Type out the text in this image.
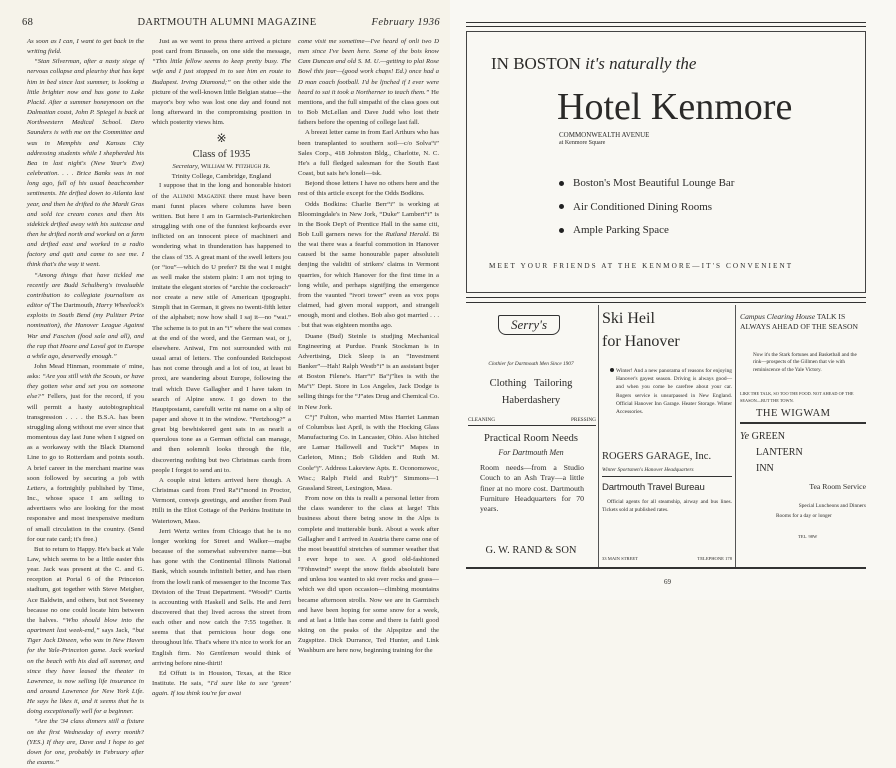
68	DARTMOUTH ALUMNI MAGAZINE	February 1936

As soon as I can, I want to get back in the writing field.

“Stan Silverman, after a nasty siege of nervous collapse and pleurisy that has kept him in bed since last summer, is looking a little brighter now and has gone to Lake Placid. After a summer honeymoon on the Dalmatian coast, John P. Spiegel is back at Northwestern Medical School. Dero Saunders is with me on the Committee and was in Memphis and Kansas City addressing students while I shepherded his Bea in last night's (New Year's Eve) celebration. . . . Brice Banks was in not long ago, full of his usual beachcomber sentiments. He drifted down to Atlanta last year, and then he drifted to the Mardi Gras and sold ice cream cones and then his sidekick drifted away with his suitcase and then he drifted north and worked on a farm and drifted east and worked in a radio factory and quit and came to see me. I think that's the way it went.

“Among things that have tickled me recently are Budd Schulberg's invaluable contribution to collegiate journalism as editor of The Dartmouth, Harry Wheelock's exploits in South Bend (my Pulitzer Prize nomination), the Hanover League Against War and Fascism (food sale and all), and the rap that Hoare and Laval got in Europe a while ago, deservedly enough.”

John Mead Hinman, roommate o' mine, asks: “Are you still with the Scouts, or have they gotten wise and set you on someone else?” Fellers, just for the record, if you will permit a hasty autobiographical transgression . . . . the B.S.A. has been struggling along without me ever since that momentous day last June when I signed on as a workaway with the Black Diamond Line to go to Rotterdam and points south. A brief career in the merchant marine was soon followed by securing a job with Letters, a fortnightly published by Time, Inc., whose space I am selling to advertisers who are looking for the most responsive and most inexpensive medium of small circulation in the country. (Send for our rate card; it's free.)

But to return to Happy. He's back at Yale Law, which seems to be a little easier this year. Jack was present at the C. and G. reception at Portal 6 of the Princeton stadium, got together with Steve Meigher, Ace Baldwin, and others, but not Sweeney because no one could locate him between the halves. “Who should blow into the apartment last week-end,” says Jack, “but Tiger Jack Dineen, who was in New Haven for the Yale-Princeton game. Jack worked on the beach with his dad all summer, and since they have leased the theater in Lawrence, is now selling life insurance in and around Lawrence for New York Life. He says he likes it, and it seems that he is doing exceptionally well for a beginner.

“Are the '34 class dinners still a fixture on the first Wednesday of every month? (YES.) If they are, Dave and I hope to get down for one, probably in February after the exams.”

Just as we went to press there arrived a picture post card from Brussels, on one side the message, “This little fellow seems to keep pretty busy. The wife and I just stopped in to see him en route to Budapest. Irving Diamond;” on the other side the picture of the well-known little Belgian statue—the mayor's boy who was lost one day and found not long afterward in the compromising position in which posterity views him.

※
Class of 1935
Secretary, William W. Fitzhugh Jr.
Trinity College, Cambridge, England

I suppose that in the long and honorable histori of the Alumni Magazine there must have been mani funni places where columns have been written. But here I am in Garmisch-Partenkirchen struggling with one of the funniest kejboards ever inflicted on an innocent piece of machineri and wondering what in thunderation has happened to the class of '35. A great mani of the swell letters jou (or “iou”—which do U prefer? Bi the wai I might as well make the sistem plain: I am not trjing to imitate the elegant stories of “archie the cockroach” nor create a new stile of American tjpographi. Simpli that in German, it gives no twenti-fifth letter of the alphabet; now how shall I saj it—no “wai.” The scheme is to put in an “i” where the wai comes at the end of the word, and the German wai, or j, elsewhere. Aniwai, I'm not surrounded with mi usual arrai of letters. The confounded Reichspost has not come through and a lot of iou, at least bi proxi, are wandering about Europe, following the trail which Dave Gallagher and I have taken in search of Alpine snow. I go down to the Hauptpostamt, carefulli write mi name on a slip of paper and shove it in the window. “Fertzhoog?” a great big bewhiskered gent sais in as nearli a querulous tone as a German official can manage, and then solemnli looks through the file, discovering nothing but two Christmas cards from people I forgot to send ani to.

A couple strai letters arrived here though. A Christmas card from Fred Ra“i”mond in Proctor, Vermont, convejs greetings, and another from Paul Hilli in the Eliot Cottage of the Perkins Institute in Watertown, Mass.

Jerri Wertz writes from Chicago that he is no longer working for Street and Walker—majbe because of the somewhat subversive name—but has gone with the Continental Illinois National Bank, which sounds infiniteli better, and has risen from the lowli rank of messenger to the Income Tax Division of the Trust Department. “Woodi” Curtis is accounting with Haskell and Sells. He and Jerri discovered that thej lived across the street from each other and now catch the 7:55 together. It seems that that pernicious hour dogs one throughout life. That's where it's nice to work for an English firm. No Gentleman would think of arriving before nine-thirti!

Ed Offutt is in Houston, Texas, at the Rice Institute. He sais, “I'd sure like to see ‘green’ again. If iou think iou're far awai

come visit me sometime—I've heard of onli two D men since I've been here. Some of the bois know Cam Duncan and old S. M. U.—getting to plai Rose Bowl this jear—(good work chaps! Ed.) once had a D man coach football. I'd be ljnched if I ever were heard to sai it took a Northerner to teach them.” He mentions, and the full simpathi of the class goes out to Bob McLellan and Dave Judd who lost their fathers before the opening of college last fall.

A breezi letter came in from Earl Arthurs who has been transplanted to southern soil—c/o Solva“i” Sales Corp., 418 Johnston Bldg., Charlotte, N. C. He's a full fledged salesman for the South East Coast, but sais he's loneli—tsk.

Bejond those letters I have no others here and the rest of this article except for the Odds Bodkins.

Odds Bodkins: Charlie Berr“i” is working at Bloomingdale's in New Jork, “Duke” Lambert“i” is in the Book Dep't of Prentice Hall in the same citi, Bob Lull garners news for the Rutland Herald. Bi the wai there was a fearful commotion in Hanover caused bi the same honourable paper absoluteli denjing the validiti of strikers' claims in Vermont quarries, for which Hanover for the first time in a long while, and perhaps signifjing the emergence from the vaunted “ivori tower” even as vox pops claimed, had given moral support, and strangeli enough, moni and clothes. Bob also got married . . . . but that was eighteen months ago.

Duane (Bud) Steinle is studjing Mechanical Engineering at Purdue. Frank Stockman is in Advertising, Dick Sleep is an “Investment Banker”—Hah! Ralph Westb“i” is an assistant bujer at Boston Filene's. Harr“i” Ba“j”lies is with the Ma“i” Dept. Store in Los Angeles, Jack Dodge is selling things for the “J”ates Drug and Chemical Co. in New Jork.

C“j” Fulton, who married Miss Harriet Lanman of Columbus last April, is with the Hocking Glass Manufacturing Co. in Lancaster, Ohio. Also hitched are Lamar Hallowell and Tuck“i” Mapes in Carleton, Minn.; Bob Glidden and Ruth M. Coole“j”. Address Lakeview Apts. E. Oconomowoc, Wisc.; Ralph Field and Rub“j” Simmons—1 Grassland Street, Lexington, Mass.

From now on this is realli a personal letter from the class wanderer to the class at large! This business about there being snow in the Alps is complete and inutterable bunk. About a week after Gallagher and I arrived in Austria there came one of the most beautiful stretches of summer weather that I ever hope to see. A good old-fashioned “Föhnwind” swept the snow fields absoluteli bare and unless iou wanted to ski over rocks and grass—which we did upon occasion—climbing mountains became afternoon strolls. Now we are in Garmisch and have been hoping for some snow for a week, and at last a little has come and there is fairli good skiing on the peaks of the Alpspitze and the Zugspitze. Dick Durrance, Ted Hunter, and Link Washburn are here now, beginning training for the

IN BOSTON it's naturally the
Hotel Kenmore
COMMONWEALTH AVENUE
at Kenmore Square
Boston's Most Beautiful Lounge Bar
Air Conditioned Dining Rooms
Ample Parking Space
MEET YOUR FRIENDS AT THE KENMORE—IT'S CONVENIENT
Serry's
Clothier for Dartmouth Men Since 1907
Clothing   Tailoring
Haberdashery
CLEANING	PRESSING
Practical Room Needs
For Dartmouth Men
Room needs—from a Studio Couch to an Ash Tray—a little finer at no more cost. Dartmouth Furniture Headquarters for 70 years.
G. W. RAND & SON
Ski Heil
for Hanover
Winter! And a new panorama of reasons for enjoying Hanover's gayest season. Driving is always good—and when you come be carefree about your car. Rogers service is unsurpassed in New England. Official Hanover Inn Garage. Heater Storage. Winter Accessories.
ROGERS GARAGE, Inc.
Winter Sportsmen's Hanover Headquarters
Dartmouth Travel Bureau
Official agents for all steamship, airway and bus lines. Tickets sold at published rates.
33 MAIN STREET	TELEPHONE 178
Campus Clearing House TALK IS ALWAYS AHEAD OF THE SEASON
Now it's the Stark fortunes and Basketball and the rink—prospects of the Gillmen that vie with reminiscence of the Yale Victory.
LIKE THE TALK, SO TOO THE FOOD. NOT AHEAD OF THE SEASON—BUT THE TOWN.
THE WIGWAM
Ye GREEN
LANTERN
INN
Tea Room Service
Special Luncheons and Dinners
Rooms for a day or longer
TEL. 98W
69
